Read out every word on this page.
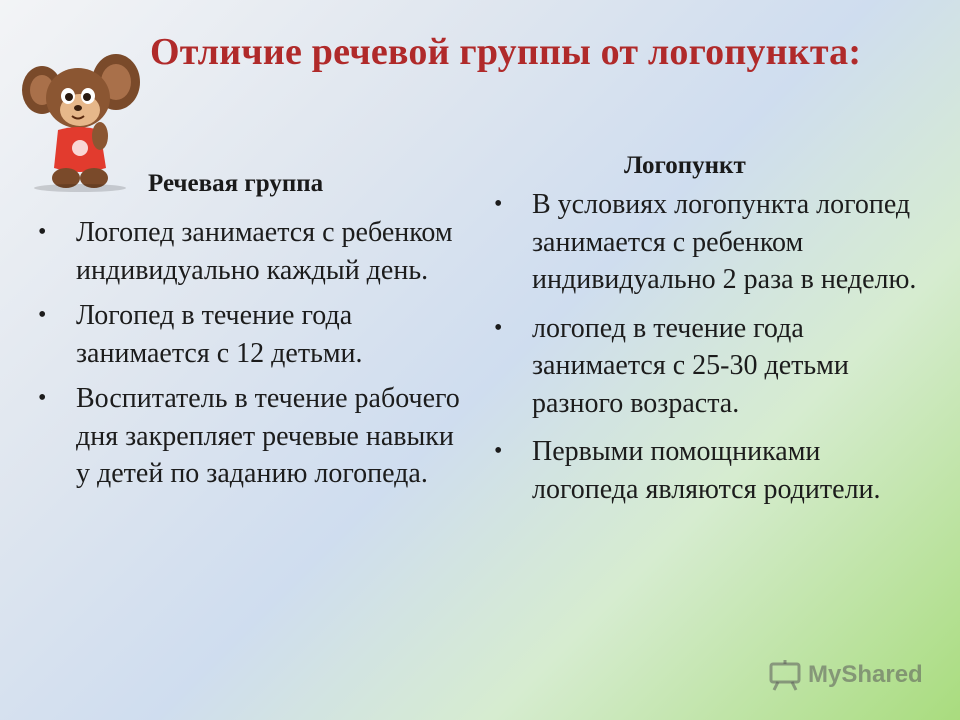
Отличие речевой группы от логопункта:
Речевая группа
• Логопед занимается с ребенком индивидуально каждый день.
• Логопед в течение года занимается с 12 детьми.
• Воспитатель в течение рабочего дня закрепляет речевые навыки у детей по заданию логопеда.
Логопункт
• В условиях логопункта логопед занимается с ребенком индивидуально 2 раза в неделю.
• логопед в течение года занимается с 25-30 детьми разного возраста.
• Первыми помощниками логопеда являются родители.
MyShared
